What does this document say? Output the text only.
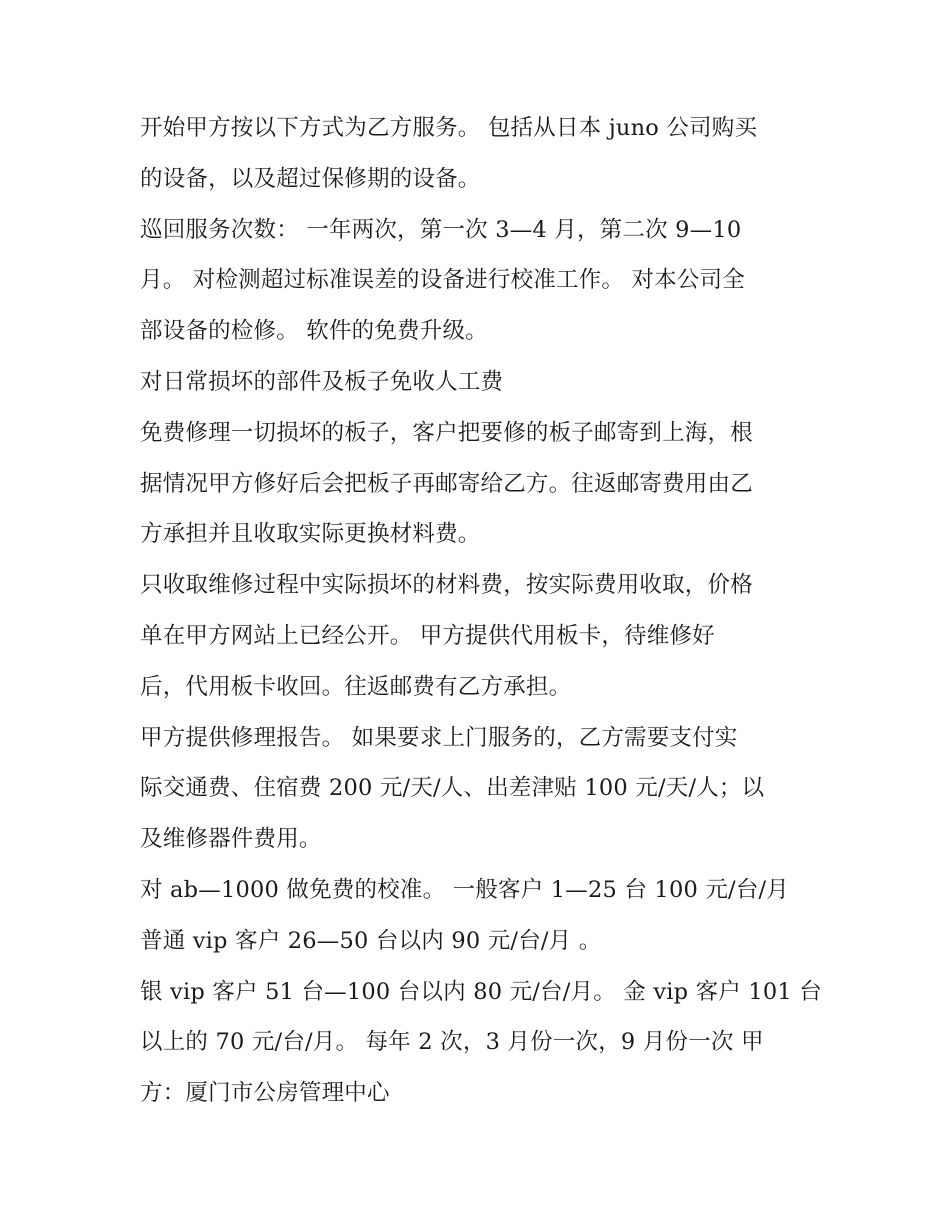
开始甲方按以下方式为乙方服务。 包括从日本 juno 公司购买
的设备，以及超过保修期的设备。
巡回服务次数： 一年两次，第一次 3—4 月，第二次 9—10
月。 对检测超过标准误差的设备进行校准工作。 对本公司全
部设备的检修。 软件的免费升级。
对日常损坏的部件及板子免收人工费
免费修理一切损坏的板子，客户把要修的板子邮寄到上海，根
据情况甲方修好后会把板子再邮寄给乙方。往返邮寄费用由乙
方承担并且收取实际更换材料费。
只收取维修过程中实际损坏的材料费，按实际费用收取，价格
单在甲方网站上已经公开。 甲方提供代用板卡，待维修好
后，代用板卡收回。往返邮费有乙方承担。
甲方提供修理报告。 如果要求上门服务的，乙方需要支付实
际交通费、住宿费 200 元/天/人、出差津贴 100 元/天/人；以
及维修器件费用。
对 ab—1000 做免费的校准。 一般客户 1—25 台 100 元/台/月
普通 vip 客户 26—50 台以内 90 元/台/月 。
银 vip 客户 51 台—100 台以内 80 元/台/月。 金 vip 客户 101 台
以上的 70 元/台/月。 每年 2 次，3 月份一次，9 月份一次 甲
方：厦门市公房管理中心
